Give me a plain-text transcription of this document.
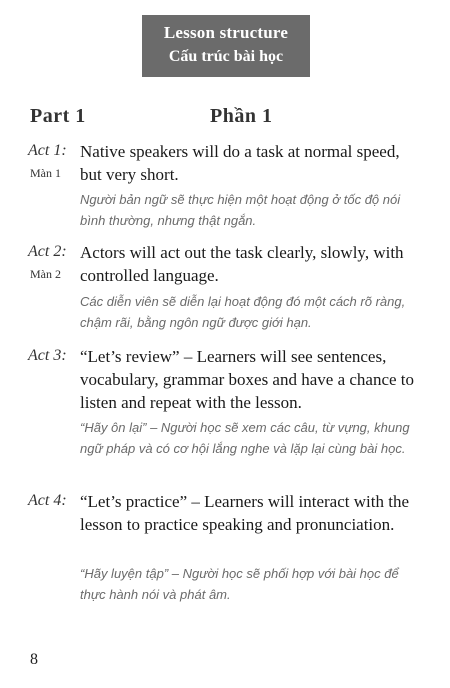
Lesson structure
Cấu trúc bài học
Part 1	Phần 1
Act 1:
Màn 1
Native speakers will do a task at normal speed, but very short.
Người bản ngữ sẽ thực hiện một hoạt động ở tốc độ nói bình thường, nhưng thật ngắn.
Act 2:
Màn 2
Actors will act out the task clearly, slowly, with controlled language.
Các diễn viên sẽ diễn lại hoạt động đó một cách rõ ràng, chậm rãi, bằng ngôn ngữ được giới hạn.
Act 3: “Let’s review” – Learners will see sentences, vocabulary, grammar boxes and have a chance to listen and repeat with the lesson.
“Hãy ôn lại” – Người học sẽ xem các câu, từ vựng, khung ngữ pháp và có cơ hội lắng nghe và lặp lại cùng bài học.
Act 4: “Let’s practice” – Learners will interact with the lesson to practice speaking and pronunciation.
“Hãy luyện tập” – Người học sẽ phối hợp với bài học để thực hành nói và phát âm.
8
